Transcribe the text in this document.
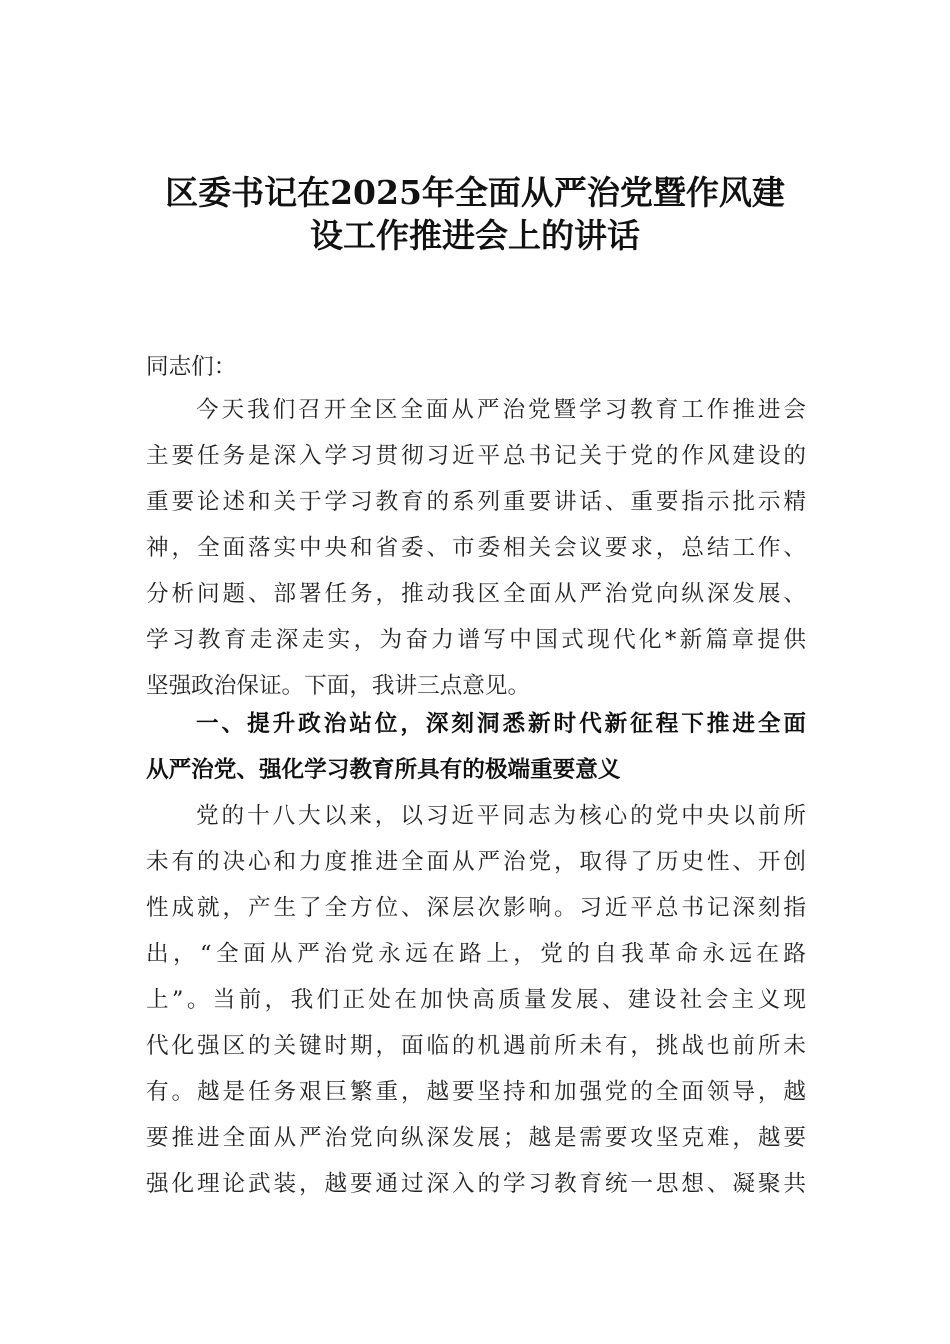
区委书记在2025年全面从严治党暨作风建
设工作推进会上的讲话
同志们：
今天我们召开全区全面从严治党暨学习教育工作推进会
主要任务是深入学习贯彻习近平总书记关于党的作风建设的
重要论述和关于学习教育的系列重要讲话、重要指示批示精
神，全面落实中央和省委、市委相关会议要求，总结工作、
分析问题、部署任务，推动我区全面从严治党向纵深发展、
学习教育走深走实，为奋力谱写中国式现代化*新篇章提供
坚强政治保证。下面，我讲三点意见。
一、提升政治站位，深刻洞悉新时代新征程下推进全面
从严治党、强化学习教育所具有的极端重要意义
党的十八大以来，以习近平同志为核心的党中央以前所
未有的决心和力度推进全面从严治党，取得了历史性、开创
性成就，产生了全方位、深层次影响。习近平总书记深刻指
出，“全面从严治党永远在路上，党的自我革命永远在路
上”。当前，我们正处在加快高质量发展、建设社会主义现
代化强区的关键时期，面临的机遇前所未有，挑战也前所未
有。越是任务艰巨繁重，越要坚持和加强党的全面领导，越
要推进全面从严治党向纵深发展；越是需要攻坚克难，越要
强化理论武装，越要通过深入的学习教育统一思想、凝聚共
